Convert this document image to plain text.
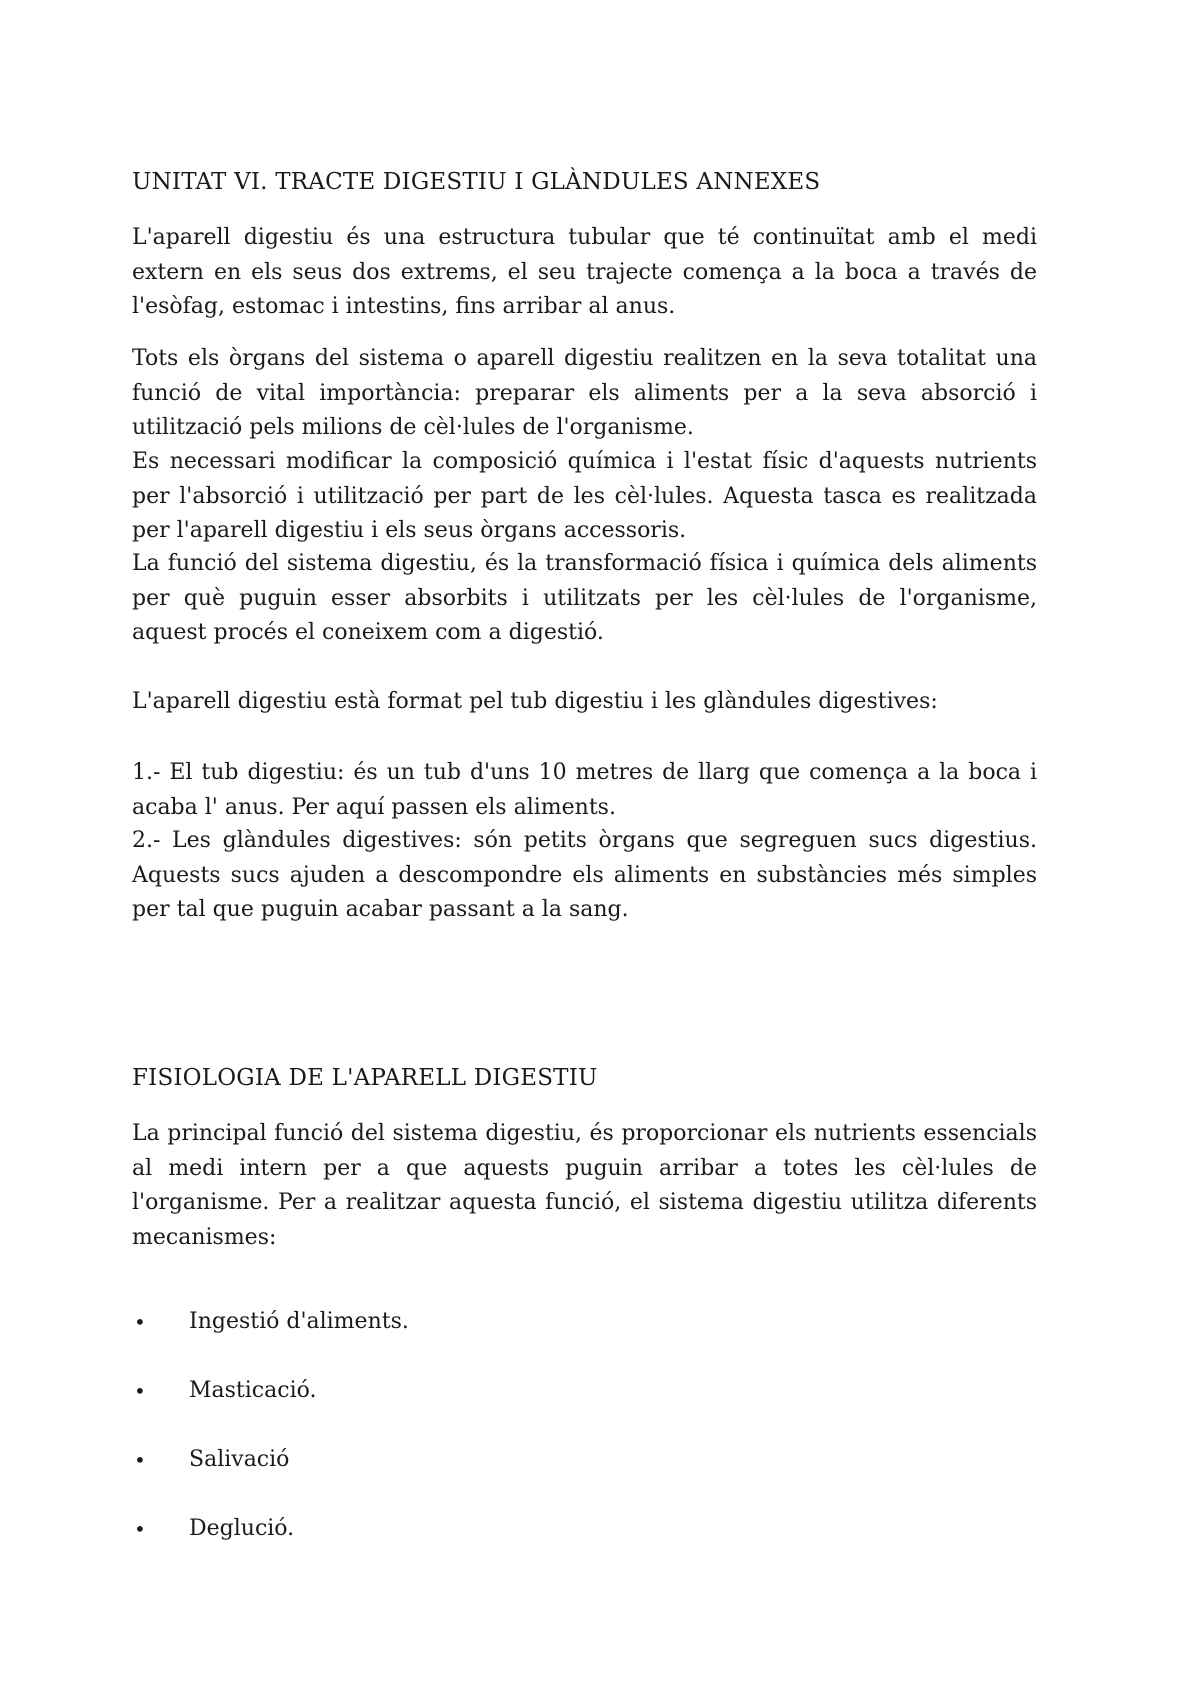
UNITAT VI. TRACTE DIGESTIU I GLÀNDULES ANNEXES

L'aparell digestiu és una estructura tubular que té continuïtat amb el medi extern en els seus dos extrems, el seu trajecte comença a la boca a través de l'esòfag, estomac i intestins, fins arribar al anus.

Tots els òrgans del sistema o aparell digestiu realitzen en la seva totalitat una funció de vital importància: preparar els aliments per a la seva absorció i utilització pels milions de cèl·lules de l'organisme.

Es necessari modificar la composició química i l'estat físic d'aquests nutrients per l'absorció i utilització per part de les cèl·lules. Aquesta tasca es realitzada per l'aparell digestiu i els seus òrgans accessoris.

La funció del sistema digestiu, és la transformació física i química dels aliments per què puguin esser absorbits i utilitzats per les cèl·lules de l'organisme, aquest procés el coneixem com a digestió.

L'aparell digestiu està format pel tub digestiu i les glàndules digestives:

1.- El tub digestiu: és un tub d'uns 10 metres de llarg que comença a la boca i acaba l' anus. Per aquí passen els aliments.

2.- Les glàndules digestives: són petits òrgans que segreguen sucs digestius. Aquests sucs ajuden a descompondre els aliments en substàncies més simples per tal que puguin acabar passant a la sang.

FISIOLOGIA DE L'APARELL DIGESTIU

La principal funció del sistema digestiu, és proporcionar els nutrients essencials al medi intern per a que aquests puguin arribar a totes les cèl·lules de l'organisme. Per a realitzar aquesta funció, el sistema digestiu utilitza diferents mecanismes:

• Ingestió d'aliments.
• Masticació.
• Salivació
• Deglució.
